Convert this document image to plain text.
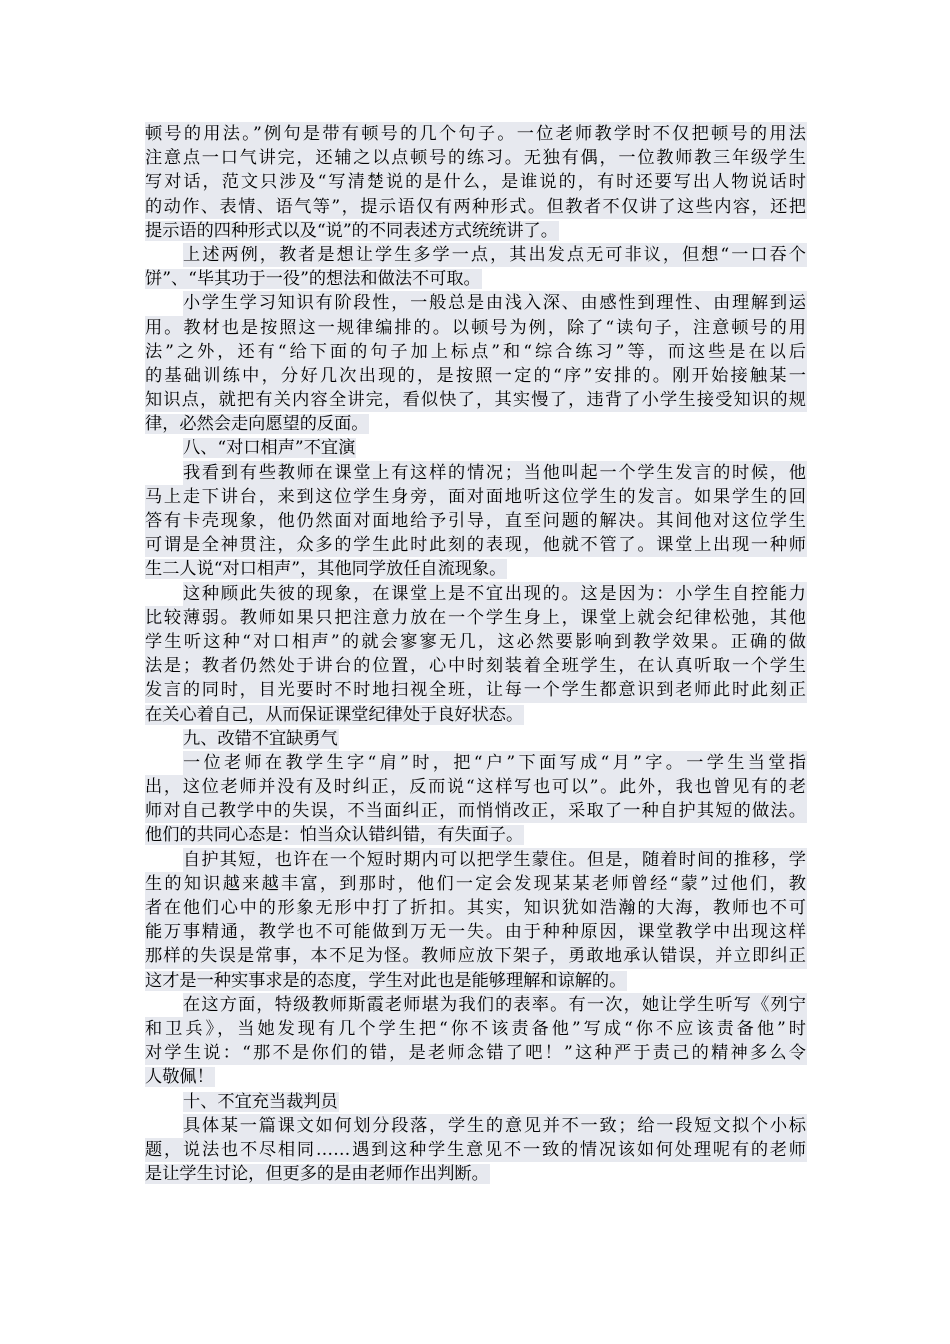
顿号的用法。”例句是带有顿号的几个句子。一位老师教学时不仅把顿号的用法
注意点一口气讲完，还辅之以点顿号的练习。无独有偶，一位教师教三年级学生
写对话，范文只涉及“写清楚说的是什么，是谁说的，有时还要写出人物说话时
的动作、表情、语气等”，提示语仅有两种形式。但教者不仅讲了这些内容，还把
提示语的四种形式以及“说”的不同表述方式统统讲了。
上述两例，教者是想让学生多学一点，其出发点无可非议，但想“一口吞个
饼”、“毕其功于一役”的想法和做法不可取。
小学生学习知识有阶段性，一般总是由浅入深、由感性到理性、由理解到运
用。教材也是按照这一规律编排的。以顿号为例，除了“读句子，注意顿号的用
法”之外，还有“给下面的句子加上标点”和“综合练习”等，而这些是在以后
的基础训练中，分好几次出现的，是按照一定的“序”安排的。刚开始接触某一
知识点，就把有关内容全讲完，看似快了，其实慢了，违背了小学生接受知识的规
律，必然会走向愿望的反面。
八、“对口相声”不宜演
我看到有些教师在课堂上有这样的情况；当他叫起一个学生发言的时候，他
马上走下讲台，来到这位学生身旁，面对面地听这位学生的发言。如果学生的回
答有卡壳现象，他仍然面对面地给予引导，直至问题的解决。其间他对这位学生
可谓是全神贯注，众多的学生此时此刻的表现，他就不管了。课堂上出现一种师
生二人说“对口相声”，其他同学放任自流现象。
这种顾此失彼的现象，在课堂上是不宜出现的。这是因为：小学生自控能力
比较薄弱。教师如果只把注意力放在一个学生身上，课堂上就会纪律松弛，其他
学生听这种“对口相声”的就会寥寥无几，这必然要影响到教学效果。正确的做
法是；教者仍然处于讲台的位置，心中时刻装着全班学生，在认真听取一个学生
发言的同时，目光要时不时地扫视全班，让每一个学生都意识到老师此时此刻正
在关心着自己，从而保证课堂纪律处于良好状态。
九、改错不宜缺勇气
一位老师在教学生字“肩”时，把“户”下面写成“月”字。一学生当堂指
出，这位老师并没有及时纠正，反而说“这样写也可以”。此外，我也曾见有的老
师对自己教学中的失误，不当面纠正，而悄悄改正，采取了一种自护其短的做法。
他们的共同心态是：怕当众认错纠错，有失面子。
自护其短，也许在一个短时期内可以把学生蒙住。但是，随着时间的推移，学
生的知识越来越丰富，到那时，他们一定会发现某某老师曾经“蒙”过他们，教
者在他们心中的形象无形中打了折扣。其实，知识犹如浩瀚的大海，教师也不可
能万事精通，教学也不可能做到万无一失。由于种种原因，课堂教学中出现这样
那样的失误是常事，本不足为怪。教师应放下架子，勇敢地承认错误，并立即纠正
这才是一种实事求是的态度，学生对此也是能够理解和谅解的。
在这方面，特级教师斯霞老师堪为我们的表率。有一次，她让学生听写《列宁
和卫兵》，当她发现有几个学生把“你不该责备他”写成“你不应该责备他”时
对学生说：“那不是你们的错，是老师念错了吧！”这种严于责己的精神多么令
人敬佩！
十、不宜充当裁判员
具体某一篇课文如何划分段落，学生的意见并不一致；给一段短文拟个小标
题，说法也不尽相同……遇到这种学生意见不一致的情况该如何处理呢有的老师
是让学生讨论，但更多的是由老师作出判断。
